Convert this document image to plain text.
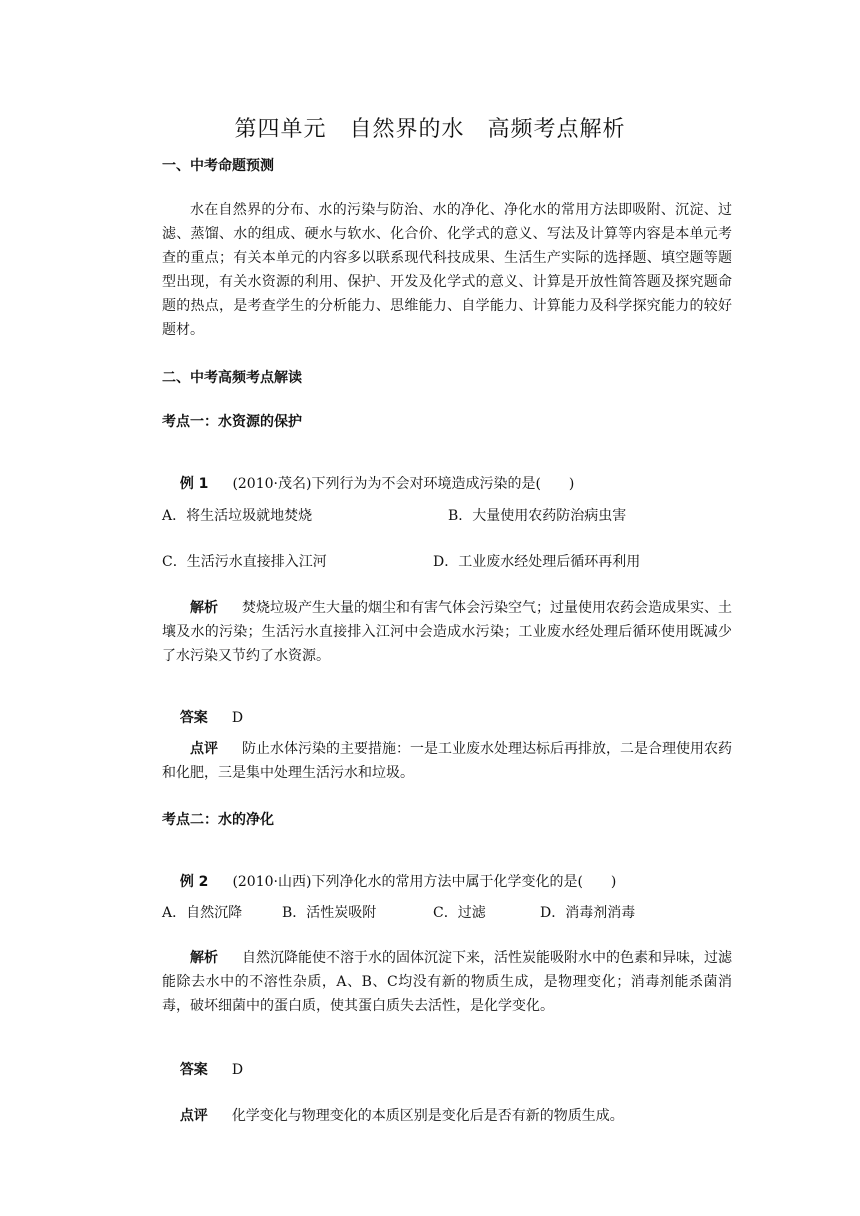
第四单元　自然界的水　高频考点解析
一、中考命题预测
水在自然界的分布、水的污染与防治、水的净化、净化水的常用方法即吸附、沉淀、过滤、蒸馏、水的组成、硬水与软水、化合价、化学式的意义、写法及计算等内容是本单元考查的重点；有关本单元的内容多以联系现代科技成果、生活生产实际的选择题、填空题等题型出现，有关水资源的利用、保护、开发及化学式的意义、计算是开放性简答题及探究题命题的热点，是考查学生的分析能力、思维能力、自学能力、计算能力及科学探究能力的较好题材。
二、中考高频考点解读
考点一：水资源的保护

例 1 (2010·茂名)下列行为为不会对环境造成污染的是(　　)

A．将生活垃圾就地焚烧	B．大量使用农药防治病虫害
C．生活污水直接排入江河	D．工业废水经处理后循环再利用
解析 焚烧垃圾产生大量的烟尘和有害气体会污染空气；过量使用农药会造成果实、土壤及水的污染；生活污水直接排入江河中会造成水污染；工业废水经处理后循环使用既减少了水污染又节约了水资源。

答案 D

点评 防止水体污染的主要措施：一是工业废水处理达标后再排放，二是合理使用农药和化肥，三是集中处理生活污水和垃圾。
考点二：水的净化

例 2 (2010·山西)下列净化水的常用方法中属于化学变化的是(　　)

A．自然沉降	B．活性炭吸附	C．过滤	D．消毒剂消毒
解析 自然沉降能使不溶于水的固体沉淀下来，活性炭能吸附水中的色素和异味，过滤能除去水中的不溶性杂质，A、B、C均没有新的物质生成，是物理变化；消毒剂能杀菌消毒，破坏细菌中的蛋白质，使其蛋白质失去活性，是化学变化。

答案 D

点评 化学变化与物理变化的本质区别是变化后是否有新的物质生成。
